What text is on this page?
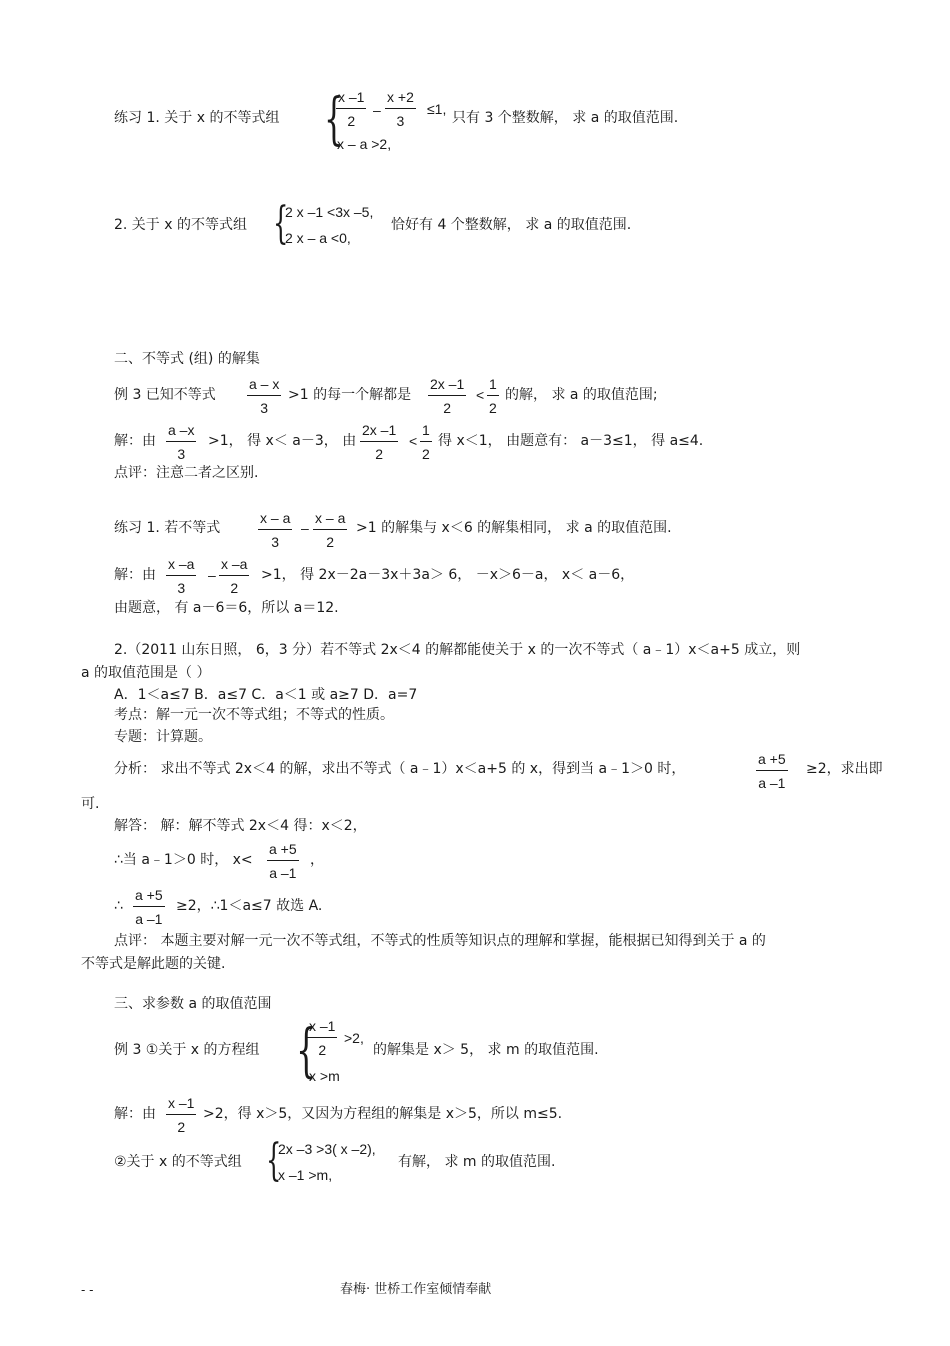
练习 1. 关于 x 的不等式组 {
x –1
2
–
x +2
3
≤1,
x – a >2,
只有 3 个整数解， 求 a 的取值范围.
2. 关于 x 的不等式组 {
2 x –1 <3x –5,
2 x – a <0,
恰好有 4 个整数解， 求 a 的取值范围.
二、不等式 (组) 的解集
例 3 已知不等式
a – x
3
>1 的每一个解都是
2x –1
2
<
1
2
的解， 求 a 的取值范围;
解：由
a –x
3
>1， 得 x＜ a－3， 由
2x –1
2
<
1
2
得 x＜1， 由题意有： a－3≤1， 得 a≤4.
点评：注意二者之区别.
练习 1. 若不等式
x – a
3
–
x – a
2
>1 的解集与 x＜6 的解集相同， 求 a 的取值范围.
解：由
x –a
3
–
x –a
2
>1， 得 2x－2a－3x＋3a＞ 6， －x＞6－a， x＜ a－6，
由题意， 有 a－6＝6，所以 a＝12.
2.（2011 山东日照， 6，3 分）若不等式 2x＜4 的解都能使关于 x 的一次不等式（ a﹣1）x＜a+5 成立，则
a 的取值范围是（ ）
A．1＜a≤7 B．a≤7 C．a＜1 或 a≥7 D．a=7
考点：解一元一次不等式组；不等式的性质。
专题：计算题。
分析： 求出不等式 2x＜4 的解，求出不等式（ a﹣1）x＜a+5 的 x，得到当 a﹣1＞0 时，
a +5
a –1
≥2，求出即
可.
解答： 解：解不等式 2x＜4 得：x＜2，
∴当 a﹣1＞0 时， x<
a +5
a –1
，
∴
a +5
a –1
≥2，∴1＜a≤7 故选 A.
点评： 本题主要对解一元一次不等式组，不等式的性质等知识点的理解和掌握，能根据已知得到关于 a 的
不等式是解此题的关键.
三、求参数 a 的取值范围
例 3 ①关于 x 的方程组 {
x –1
2
>2,
x >m
的解集是 x＞ 5， 求 m 的取值范围.
解：由
x –1
2
>2，得 x＞5，又因为方程组的解集是 x＞5，所以 m≤5.
②关于 x 的不等式组 {
2x –3 >3( x –2),
x –1 >m,
有解， 求 m 的取值范围.
- -	春梅· 世桥工作室倾情奉献
